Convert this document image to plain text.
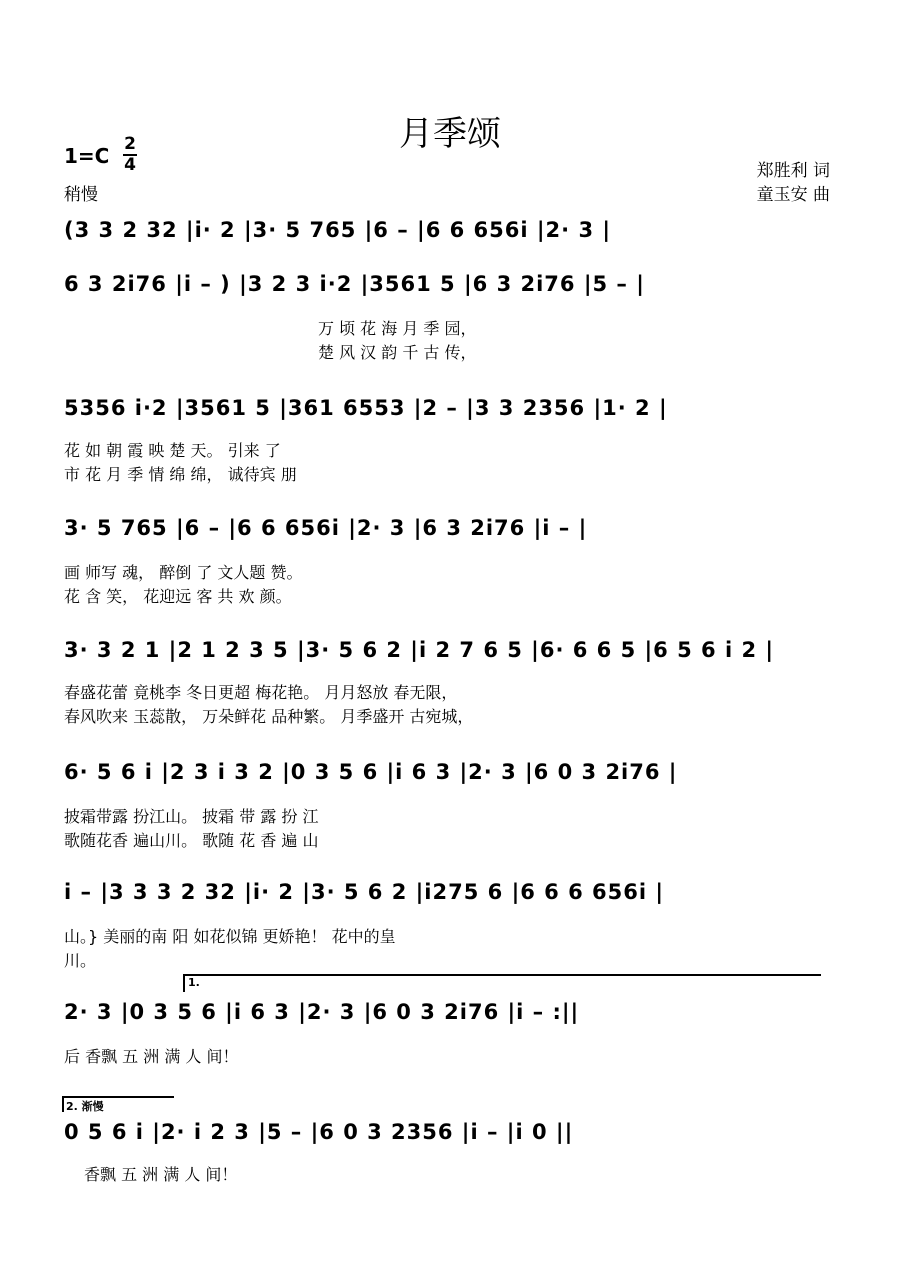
月季颂
1=C 2
4
稍慢
郑胜利 词
童玉安 曲
(3 3 2 32 |i· 2 |3· 5 765 |6 – |6 6 656i |2· 3 |
6 3 2i76 |i – ) |3 2 3 i·2 |3561 5 |6 3 2i76 |5 – |
万 顷 花 海 月 季 园，
楚 风 汉 韵 千 古 传，
5356 i·2 |3561 5 |361 6553 |2 – |3 3 2356 |1· 2 |
花 如 朝 霞 映 楚 天。 引来 了
市 花 月 季 情 绵 绵， 诚待宾 朋
3· 5 765 |6 – |6 6 656i |2· 3 |6 3 2i76 |i – |
画 师写 魂， 醉倒 了 文人题 赞。
花 含 笑， 花迎远 客 共 欢 颜。
3· 3 2 1 |2 1 2 3 5 |3· 5 6 2 |i 2 7 6 5 |6· 6 6 5 |6 5 6 i 2 |
春盛花蕾 竟桃李 冬日更超 梅花艳。 月月怒放 春无限，
春风吹来 玉蕊散， 万朵鲜花 品种繁。 月季盛开 古宛城，
6· 5 6 i |2 3 i 3 2 |0 3 5 6 |i 6 3 |2· 3 |6 0 3 2i76 |
披霜带露 扮江山。 披霜 带 露 扮 江
歌随花香 遍山川。 歌随 花 香 遍 山
i – |3 3 3 2 32 |i· 2 |3· 5 6 2 |i275 6 |6 6 6 656i |
山。} 美丽的南 阳 如花似锦 更娇艳！ 花中的皇
川。
1.
2· 3 |0 3 5 6 |i 6 3 |2· 3 |6 0 3 2i76 |i – :||
后 香飘 五 洲 满 人 间！
2. 渐慢
0 5 6 i |2· i 2 3 |5 – |6 0 3 2356 |i – |i 0 ||
香飘 五 洲 满 人 间！
